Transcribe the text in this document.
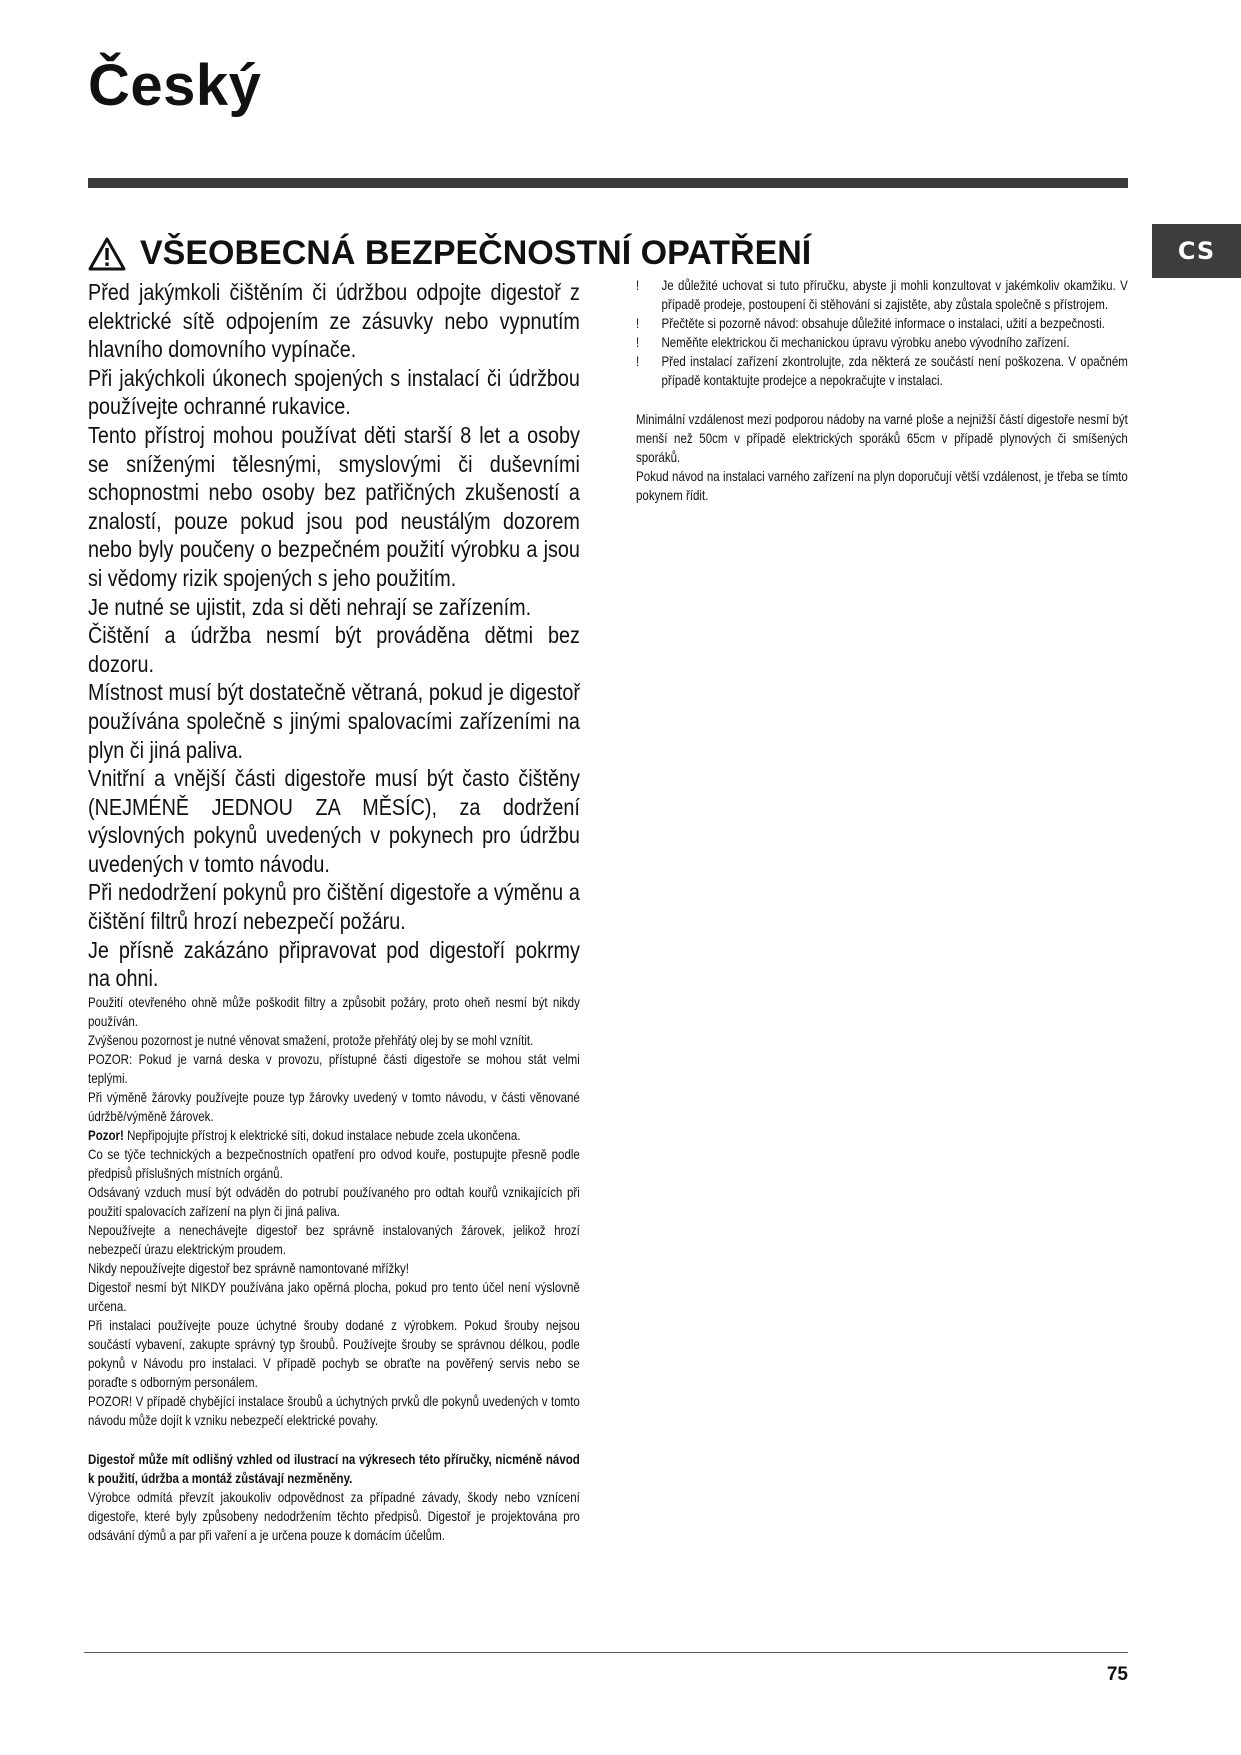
Český
CS
VŠEOBECNÁ BEZPEČNOSTNÍ OPATŘENÍ

Před jakýmkoli čištěním či údržbou odpojte digestoř z elektrické sítě odpojením ze zásuvky nebo vypnutím hlavního domovního vypínače.

Při jakýchkoli úkonech spojených s instalací či údržbou používejte ochranné rukavice.

Tento přístroj mohou používat děti starší 8 let a osoby se sníženými tělesnými, smyslovými či duševními schopnostmi nebo osoby bez patřičných zkušeností a znalostí, pouze pokud jsou pod neustálým dozorem nebo byly poučeny o bezpečném použití výrobku a jsou si vědomy rizik spojených s jeho použitím.

Je nutné se ujistit, zda si děti nehrají se zařízením.

Čištění a údržba nesmí být prováděna dětmi bez dozoru.

Místnost musí být dostatečně větraná, pokud je digestoř používána společně s jinými spalovacími zařízeními na plyn či jiná paliva.

Vnitřní a vnější části digestoře musí být často čištěny (NEJMÉNĚ JEDNOU ZA MĚSÍC), za dodržení výslovných pokynů uvedených v pokynech pro údržbu uvedených v tomto návodu.

Při nedodržení pokynů pro čištění digestoře a výměnu a čištění filtrů hrozí nebezpečí požáru.

Je přísně zakázáno připravovat pod digestoří pokrmy na ohni.

Použití otevřeného ohně může poškodit filtry a způsobit požáry, proto oheň nesmí být nikdy používán.

Zvýšenou pozornost je nutné věnovat smažení, protože přehřátý olej by se mohl vznítit.

POZOR: Pokud je varná deska v provozu, přístupné části digestoře se mohou stát velmi teplými.

Při výměně žárovky používejte pouze typ žárovky uvedený v tomto návodu, v části věnované údržbě/výměně žárovek.

Pozor! Nepřipojujte přístroj k elektrické síti, dokud instalace nebude zcela ukončena.

Co se týče technických a bezpečnostních opatření pro odvod kouře, postupujte přesně podle předpisů příslušných místních orgánů.

Odsávaný vzduch musí být odváděn do potrubí používaného pro odtah kouřů vznikajících při použití spalovacích zařízení na plyn či jiná paliva.

Nepoužívejte a nenechávejte digestoř bez správně instalovaných žárovek, jelikož hrozí nebezpečí úrazu elektrickým proudem.

Nikdy nepoužívejte digestoř bez správně namontované mřížky!

Digestoř nesmí být NIKDY používána jako opěrná plocha, pokud pro tento účel není výslovně určena.

Při instalaci používejte pouze úchytné šrouby dodané z výrobkem. Pokud šrouby nejsou součástí vybavení, zakupte správný typ šroubů. Používejte šrouby se správnou délkou, podle pokynů v Návodu pro instalaci. V případě pochyb se obraťte na pověřený servis nebo se poraďte s odborným personálem.

POZOR! V případě chybějící instalace šroubů a úchytných prvků dle pokynů uvedených v tomto návodu může dojít k vzniku nebezpečí elektrické povahy.

Digestoř může mít odlišný vzhled od ilustrací na výkresech této příručky, nicméně návod k použití, údržba a montáž zůstávají nezměněny.

Výrobce odmítá převzít jakoukoliv odpovědnost za případné závady, škody nebo vznícení digestoře, které byly způsobeny nedodržením těchto předpisů. Digestoř je projektována pro odsávání dýmů a par při vaření a je určena pouze k domácím účelům.

!	Je důležité uchovat si tuto příručku, abyste ji mohli konzultovat v jakémkoliv okamžiku. V případě prodeje, postoupení či stěhování si zajistěte, aby zůstala společně s přístrojem.
!	Přečtěte si pozorně návod: obsahuje důležité informace o instalaci, užití a bezpečnosti.
!	Neměňte elektrickou či mechanickou úpravu výrobku anebo vývodního zařízení.
!	Před instalací zařízení zkontrolujte, zda některá ze součástí není poškozena. V opačném případě kontaktujte prodejce a nepokračujte v instalaci.

Minimální vzdálenost mezi podporou nádoby na varné ploše a nejnižší částí digestoře nesmí být menší než 50cm v případě elektrických sporáků 65cm v případě plynových či smíšených sporáků.

Pokud návod na instalaci varného zařízení na plyn doporučují větší vzdálenost, je třeba se tímto pokynem řídit.

75
